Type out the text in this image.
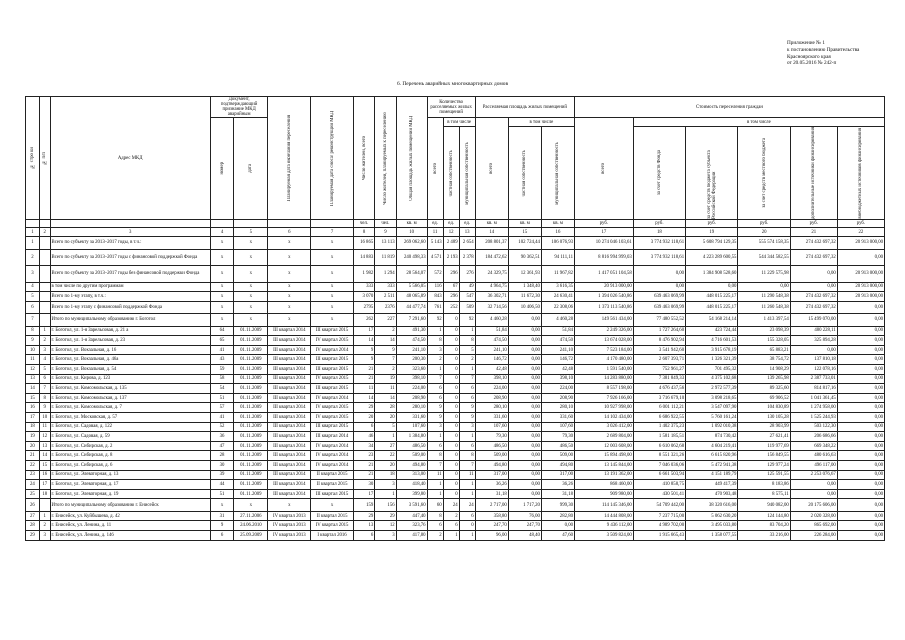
Приложение № 1
к постановлению Правительства
Красноярского края
от 20.05.2016 № 242-п
6. Перечень аварийных многоквартирных домов
№ стро ки	№ п/п	Адрес МКД	Документ, подтверждающий признание МКД аварийным		Планируемая дата окончания переселения	Планируемая дата сноса/ реконструкции МКД	Число жителей, всего	Число жителей, планируемых к переселению	Общая площадь жилых помещений МКД	Количество расселяемых жилых помещений			Расселяемая площадь жилых помещений			Стоимость переселения граждан					

			номер	дата						всего	в том числе		всего	в том числе		всего	в том числе				

											частная собственность	муниципальная собственность		частная собственность	муниципальная собственность		за счет средств Фонда	за счет средств бюджета субъекта Российской Федерации	за счет средств местного бюджета	дополнительные источники финансирования	внебюджетных источников финансирования

							чел.	чел.	кв. м	ед.	ед.	ед.	кв. м	кв. м	кв. м	руб.	руб.	руб.	руб.	руб.	руб.
1	2	3	4	5	6	7	8	9	10	11	12	13	14	15	16	17	18	19	20	21	22
1		Всего по субъекту за 2013–2017 годы, в т.ч.:	x	x	x	x	16 865	13 113	269 062,60	5 143	2 489	2 654	208 801,37	102 724,44	106 076,93	10 274 046 103,61	3 774 932 118,61	5 608 794 129,35	555 574 158,35	274 432 697,32	20 913 000,00
2		Всего по субъекту за 2013–2017 годы с финансовой поддержкой Фонда	x	x	x	x	14 883	11 819	240 498,33	4 571	2 193	2 378	184 472,62	90 362,51	94 111,11	8 816 994 999,03	3 774 932 118,61	4 223 289 600,55	544 344 582,55	274 432 697,32	0,00
3		Всего по субъекту за 2013–2017 годы без финансовой поддержки Фонда	x	x	x	x	1 982	1 294	28 564,07	572	296	276	24 329,75	12 361,93	11 967,82	1 417 051 104,58	0,00	1 384 908 528,60	11 229 575,98	0,00	20 913 000,00
4		в том числе по другим программам	x	x	x	x	333	333	5 566,05	116	67	49	4 964,75	1 348,40	3 616,35	20 913 000,00	0,00	0,00	0,00	0,00	20 913 000,00
5		Всего по 1-му этапу, в т.ч.:	x	x	x	x	3 070	2 511	48 065,89	843	296	547	36 302,71	11 672,30	24 630,41	1 394 026 540,86	639 463 069,99	448 015 225,17	11 290 548,38	274 432 697,32	20 913 000,00
6		Всего по 1-му этапу с финансовой поддержкой Фонда	x	x	x	x	2795	2376	44 477,74	761	252	509	32 714,56	10 406,50	22 308,06	1 373 113 540,86	639 463 069,99	448 015 225,17	11 260 548,38	274 432 697,32	0,00
7		Итого по муниципальному образованию г. Боготол	x	x	x	x	262	227	7 291,60	92	0	92	4 460,28	0,00	4 460,28	149 561 434,00	77 480 552,52	54 168 214,14	1 413 397,54	15 499 070,00	0,00
8	1	г. Боготол, ул. 1-я Зарельсовая, д. 21 а	64	01.11.2009	III квартал 2014	III квартал 2015	17	2	491,30	1	0	1	51,84	0,00	51,84	2 249 326,00	1 727 264,60	423 724,44	23 098,39	480 228,11	0,00
9	2	г. Боготол, ул. 1-я Зарельсовая, д. 23	65	01.11.2009	III квартал 2014	IV квартал 2015	14	14	474,50	8	0	8	474,50	0,00	474,50	13 674 028,00	8 476 902,94	4 716 601,53	155 328,05	325 894,28	0,00
10	3	г. Боготол, ул. Вокзальная, д. 16	41	01.11.2009	III квартал 2014	IV квартал 2014	9	9	241,10	3	0	5	241,10	0,00	241,10	7 523 184,00	3 541 942,60	3 915 678,19	65 883,21	0,00	0,00
11	4	г. Боготол, ул. Вокзальная, д. 46а	43	01.11.2009	III квартал 2014	III квартал 2015	9	7	200,30	2	0	2	146,72	0,00	146,72	4 170 480,00	2 607 393,71	1 326 321,39	38 754,72	137 810,18	0,00
12	5	г. Боготол, ул. Вокзальная, д. 54	59	01.11.2009	III квартал 2014	III квартал 2015	21	2	323,60	1	0	1	42,48	0,00	42,48	1 591 540,00	752 961,27	701 495,32	14 908,29	122 078,16	0,00
13	6	г. Боготол, ул. Кирова, д. 123	58	01.11.2009	III квартал 2014	IV квартал 2015	21	19	398,10	7	0	7	398,10	0,00	398,10	14 283 880,00	7 381 849,33	4 375 102,68	139 265,98	2 387 733,01	0,00
14	7	г. Боготол, ул. Комсомольская, д. 135	54	01.11.2009	III квартал 2014	III квартал 2015	11	11	224,00	6	0	6	224,00	0,00	224,00	8 557 198,00	4 676 437,56	2 972 577,39	89 325,60	814 817,16	0,00
15	8	г. Боготол, ул. Комсомольская, д. 137	51	01.11.2009	III квартал 2014	IV квартал 2014	14	14	208,90	6	0	6	208,90	0,00	208,90	7 926 166,00	3 716 679,10	3 098 218,65	69 906,52	1 041 361,45	0,00
16	9	г. Боготол, ул. Комсомольская, д. 7	57	01.11.2009	III квартал 2014	IV квартал 2015	29	28	280,10	9	0	9	280,10	0,00	280,10	10 927 998,00	6 001 112,21	3 547 097,90	104 830,89	1 274 958,00	0,00
17	10	г. Боготол, ул. Московская, д. 57	41	01.11.2009	III квартал 2014	IV квартал 2015	20	20	331,60	9	0	9	331,60	0,00	331,60	14 102 434,00	6 686 922,55	5 760 161,24	130 105,28	1 525 244,93	0,00
18	11	г. Боготол, ул. Садовая, д. 122	52	01.11.2009	III квартал 2014	III квартал 2015	6	5	107,60	3	0	3	107,60	0,00	107,60	3 026 412,00	1 402 375,23	1 092 010,38	28 903,99	503 122,30	0,00
19	12	г. Боготол, ул. Садовая, д. 59	36	01.11.2009	III квартал 2014	III квартал 2014	46	1	1 384,80	1	0	1	79,30	0,00	79,30	2 689 804,00	1 581 185,51	874 730,42	27 621,41	206 686,66	0,00
20	13	г. Боготол, ул. Сибирская, д. 2	47	01.11.2009	III квартал 2014	IV квартал 2014	34	27	486,50	6	0	6	486,50	0,00	486,50	12 003 608,00	6 610 062,68	4 604 219,41	119 977,69	669 348,22	0,00
21	14	г. Боготол, ул. Сибирская, д. 8	28	01.11.2009	III квартал 2014	IV квартал 2014	23	22	509,00	8	0	8	509,00	0,00	509,00	15 894 498,00	8 551 321,26	6 615 820,96	156 849,55	480 616,63	0,00
22	15	г. Боготол, ул. Сибирская, д. 6	30	01.11.2009	III квартал 2014	IV квартал 2014	21	20	494,80	7	0	7	494,80	0,00	494,80	13 145 844,00	7 046 036,06	5 472 941,38	129 977,24	496 117,00	0,00
23	16	г. Боготол, ул. Элеваторная, д. 13	39	01.11.2009	III квартал 2014	II квартал 2015	21	18	313,00	11	0	11	317,00	0,00	317,00	13 191 362,00	6 661 503,94	4 151 189,79	125 591,55	2 253 076,67	0,00
24	17	г. Боготол, ул. Элеваторная, д. 17	44	01.11.2009	III квартал 2014	II квартал 2015	30	3	418,40	1	0	1	36,26	0,00	36,26	868 460,00	410 858,75	449 417,39	8 183,86	0,00	0,00
25	18	г. Боготол, ул. Элеваторная, д. 19	51	01.11.2009	III квартал 2014	III квартал 2015	17	1	399,80	1	0	1	31,18	0,00	31,18	909 980,00	430 501,41	470 903,48	8 575,11	0,00	0,00
26		Итого по муниципальному образованию г. Енисейск	x	x	x	x	159	156	3 591,60	60	24	24	2 717,00	1 717,20	999,30	114 145 346,00	54 709 442,00	38 320 616,00	940 082,00	20 175 606,00	0,00
27	1	г. Енисейск, ул. Куйбышева, д. 42	31	27.11.2006	IV квартал 2013	II квартал 2015	29	29	447,40	8	2	6	358,80	76,00	282,80	14 444 808,00	7 237 715,00	5 062 630,20	124 144,80	2 020 328,00	0,00
28	2	г. Енисейск, ул. Ленина, д. 11	9	24.06.2010	IV квартал 2013	IV квартал 2015	13	12	323,76	6	6	0	247,70	247,70	0,00	9 436 112,00	4 989 702,00	3 495 033,80	83 704,20	865 692,00	0,00
29	3	г. Енисейск, ул. Ленина, д. 146	6	25.09.2009	IV квартал 2013	I квартал 2016	6	3	417,80	2	1	1	96,00	48,40	47,60	3 509 824,00	1 915 665,43	1 358 077,55	33 216,00	226 284,00	0,00
